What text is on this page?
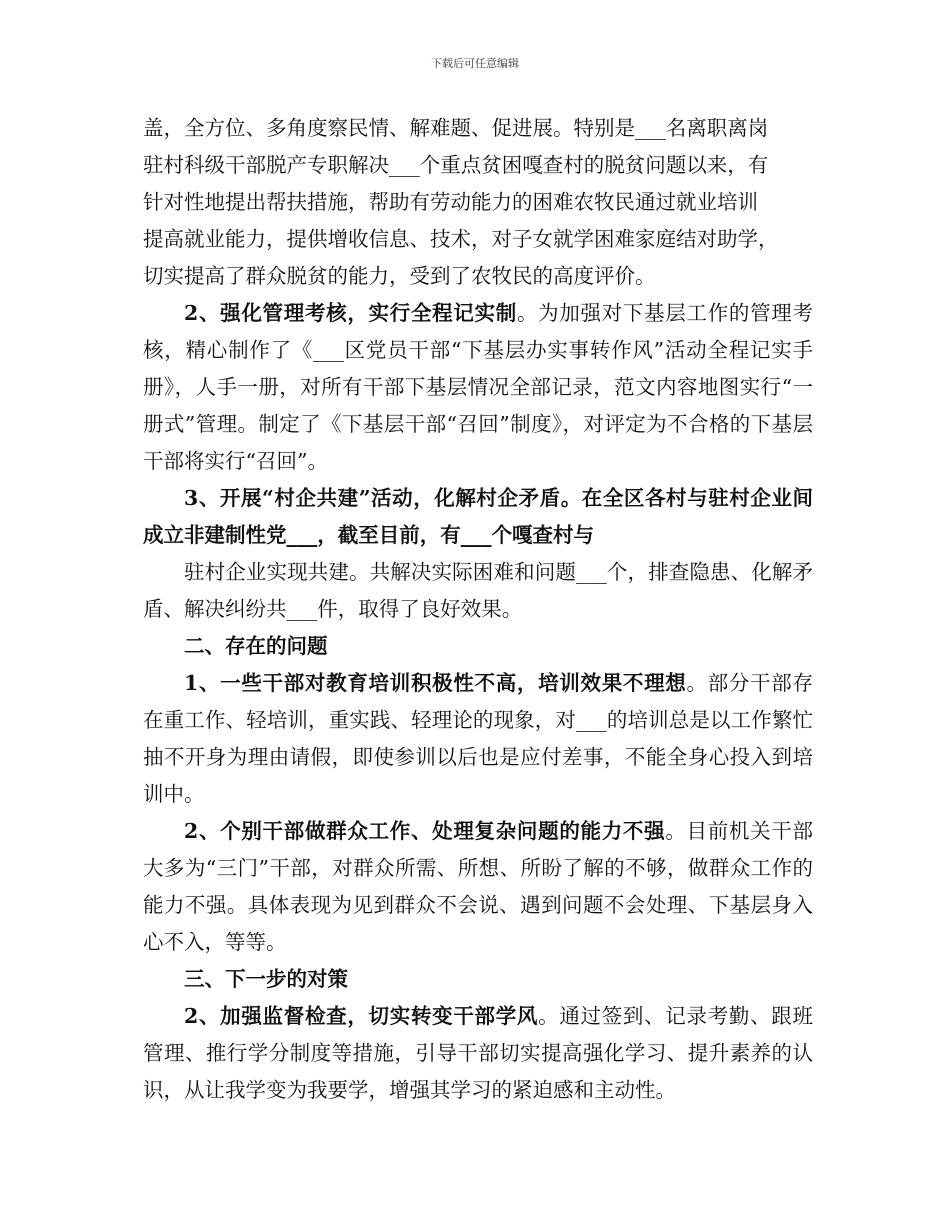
下载后可任意编辑

盖，全方位、多角度察民情、解难题、促进展。特别是___名离职离岗
驻村科级干部脱产专职解决___个重点贫困嘎查村的脱贫问题以来，有
针对性地提出帮扶措施，帮助有劳动能力的困难农牧民通过就业培训
提高就业能力，提供增收信息、技术，对子女就学困难家庭结对助学，
切实提高了群众脱贫的能力，受到了农牧民的高度评价。

2、强化管理考核，实行全程记实制。为加强对下基层工作的管理考核，精心制作了《___区党员干部“下基层办实事转作风”活动全程记实手册》，人手一册，对所有干部下基层情况全部记录，范文内容地图实行“一册式”管理。制定了《下基层干部“召回”制度》，对评定为不合格的下基层干部将实行“召回”。

3、开展“村企共建”活动，化解村企矛盾。在全区各村与驻村企业间成立非建制性党___，截至目前，有___个嘎查村与

驻村企业实现共建。共解决实际困难和问题___个，排查隐患、化解矛盾、解决纠纷共___件，取得了良好效果。

二、存在的问题

1、一些干部对教育培训积极性不高，培训效果不理想。部分干部存在重工作、轻培训，重实践、轻理论的现象，对___的培训总是以工作繁忙抽不开身为理由请假，即使参训以后也是应付差事，不能全身心投入到培训中。

2、个别干部做群众工作、处理复杂问题的能力不强。目前机关干部大多为“三门”干部，对群众所需、所想、所盼了解的不够，做群众工作的能力不强。具体表现为见到群众不会说、遇到问题不会处理、下基层身入心不入，等等。

三、下一步的对策

2、加强监督检查，切实转变干部学风。通过签到、记录考勤、跟班管理、推行学分制度等措施，引导干部切实提高强化学习、提升素养的认识，从让我学变为我要学，增强其学习的紧迫感和主动性。
